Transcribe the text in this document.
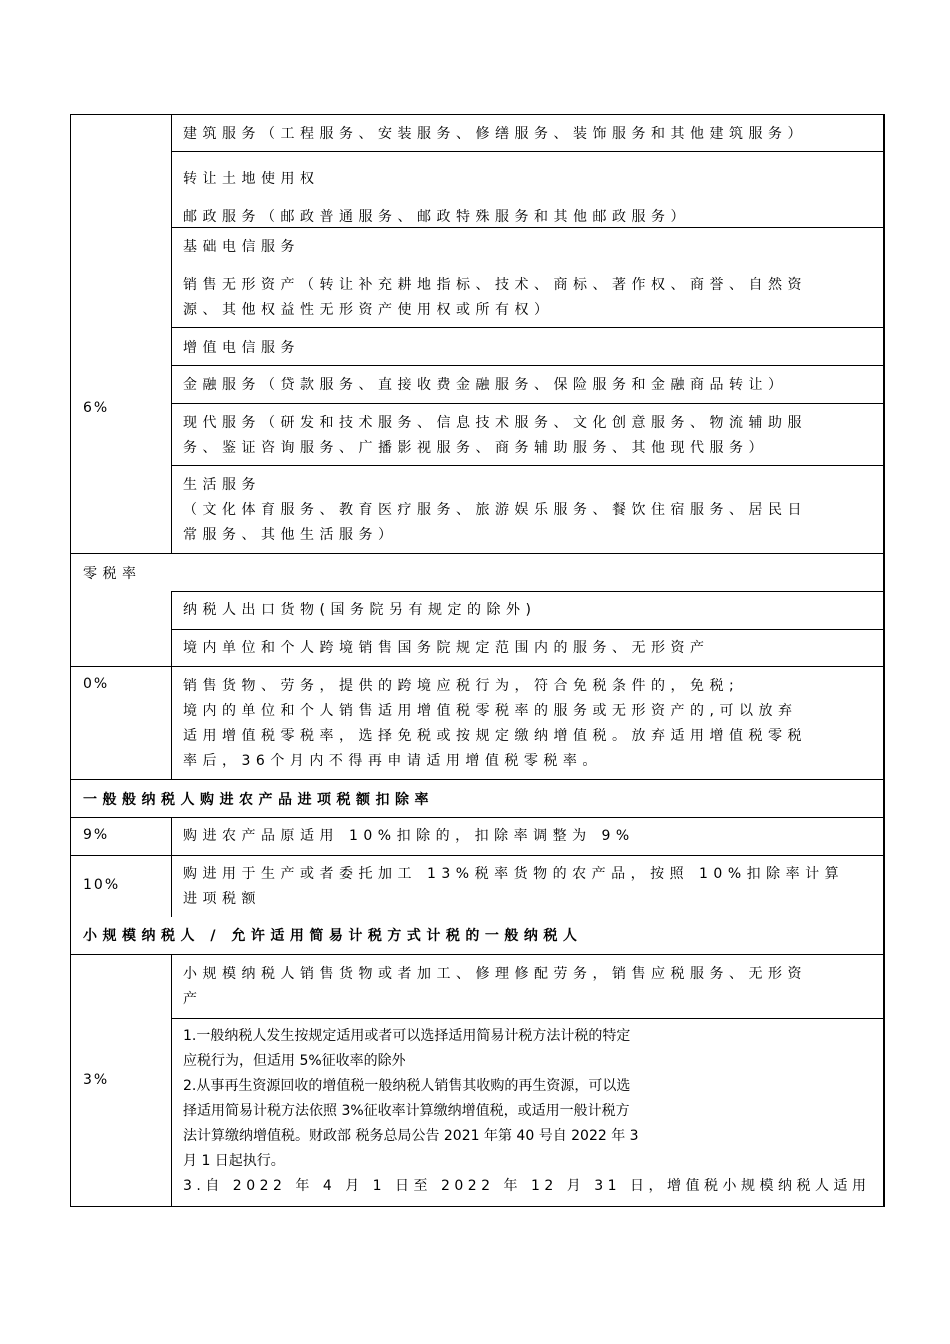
6%
建筑服务（工程服务、安装服务、修缮服务、装饰服务和其他建筑服务）
转让土地使用权
邮政服务（邮政普通服务、邮政特殊服务和其他邮政服务）
基础电信服务
销售无形资产（转让补充耕地指标、技术、商标、著作权、商誉、自然资
源、其他权益性无形资产使用权或所有权）
增值电信服务
金融服务（贷款服务、直接收费金融服务、保险服务和金融商品转让）
现代服务（研发和技术服务、信息技术服务、文化创意服务、物流辅助服
务、鉴证咨询服务、广播影视服务、商务辅助服务、其他现代服务）
生活服务
（文化体育服务、教育医疗服务、旅游娱乐服务、餐饮住宿服务、居民日
常服务、其他生活服务）
零税率
0%
纳税人出口货物(国务院另有规定的除外)
境内单位和个人跨境销售国务院规定范围内的服务、无形资产
销售货物、劳务，提供的跨境应税行为，符合免税条件的，免税;
境内的单位和个人销售适用增值税零税率的服务或无形资产的,可以放弃
适用增值税零税率，选择免税或按规定缴纳增值税。放弃适用增值税零税
率后，36个月内不得再申请适用增值税零税率。
一般般纳税人购进农产品进项税额扣除率
9%	购进农产品原适用 10%扣除的，扣除率调整为 9%
10%
购进用于生产或者委托加工 13%税率货物的农产品，按照 10%扣除率计算
进项税额
小规模纳税人 / 允许适用简易计税方式计税的一般纳税人
3%
小规模纳税人销售货物或者加工、修理修配劳务，销售应税服务、无形资
产
1.一般纳税人发生按规定适用或者可以选择适用简易计税方法计税的特定
应税行为，但适用 5%征收率的除外
2.从事再生资源回收的增值税一般纳税人销售其收购的再生资源，可以选
择适用简易计税方法依照 3%征收率计算缴纳增值税，或适用一般计税方
法计算缴纳增值税。财政部 税务总局公告 2021 年第 40 号自 2022 年 3
月 1 日起执行。
3.自 2022 年 4 月 1 日至 2022 年 12 月 31 日，增值税小规模纳税人适用
